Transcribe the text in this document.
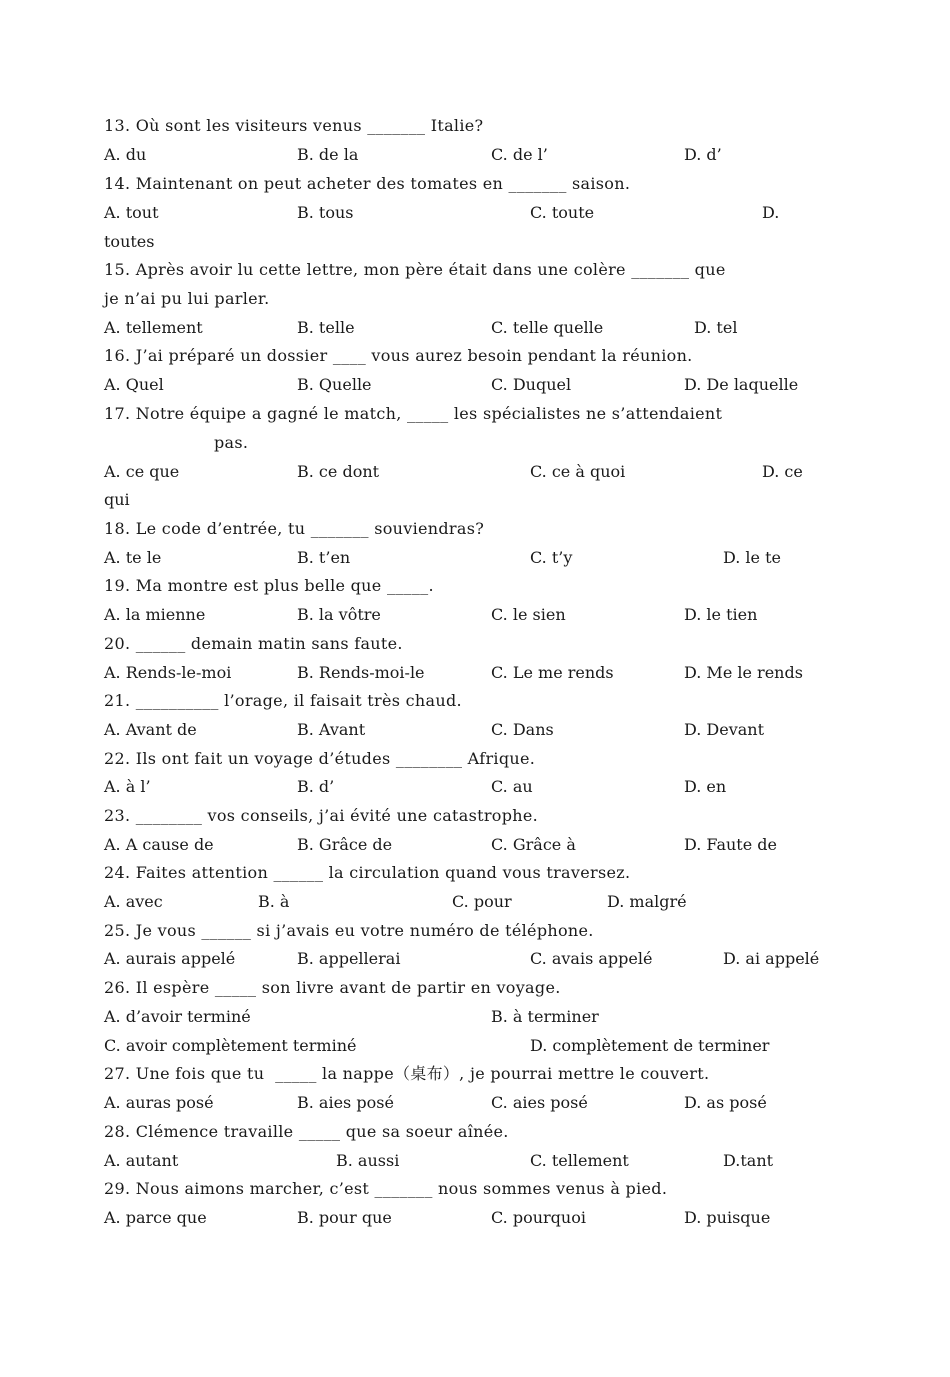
13. Où sont les visiteurs venus _______ Italie?

A. du

	B. de la

	C. de l’

	D. d’

14. Maintenant on peut acheter des tomates en _______ saison.

A. tout

	B. tous

	C. toute

	D.

toutes
15. Après avoir lu cette lettre, mon père était dans une colère _______ que
je n’ai pu lui parler.

A. tellement

	B. telle

	C. telle quelle

	D. tel

16. J’ai préparé un dossier ____ vous aurez besoin pendant la réunion.

A. Quel

	B. Quelle

	C. Duquel

	D. De laquelle

17. Notre équipe a gagné le match, _____ les spécialistes ne s’attendaient
pas.

A. ce que

	B. ce dont

	C. ce à quoi

	D. ce

qui
18. Le code d’entrée, tu _______ souviendras?

A. te le

	B. t’en

	C. t’y

	D. le te

19. Ma montre est plus belle que _____.

A. la mienne

	B. la vôtre

	C. le sien

	D. le tien

20. ______ demain matin sans faute.

A. Rends-le-moi

	B. Rends-moi-le

	C. Le me rends

	D. Me le rends

21. __________ l’orage, il faisait très chaud.

A. Avant de

	B. Avant

	C. Dans

	D. Devant

22. Ils ont fait un voyage d’études ________ Afrique.

A. à l’

	B. d’

	C. au

	D. en

23. ________ vos conseils, j’ai évité une catastrophe.

A. A cause de

	B. Grâce de

	C. Grâce à

	D. Faute de

24. Faites attention ______ la circulation quand vous traversez.

A. avec

	B. à

	C. pour

	D. malgré

25. Je vous ______ si j’avais eu votre numéro de téléphone.

A. aurais appelé

	B. appellerai

	C. avais appelé

	D. ai appelé

26. Il espère _____ son livre avant de partir en voyage.

A. d’avoir terminé

	B. à terminer

C. avoir complètement terminé

	D. complètement de terminer

27. Une fois que tu  _____ la nappe（桌布）, je pourrai mettre le couvert.

A. auras posé

	B. aies posé

	C. aies posé

	D. as posé

28. Clémence travaille _____ que sa soeur aînée.

A. autant

	B. aussi

	C. tellement

	D.tant

29. Nous aimons marcher, c’est _______ nous sommes venus à pied.

A. parce que

	B. pour que

	C. pourquoi

	D. puisque
